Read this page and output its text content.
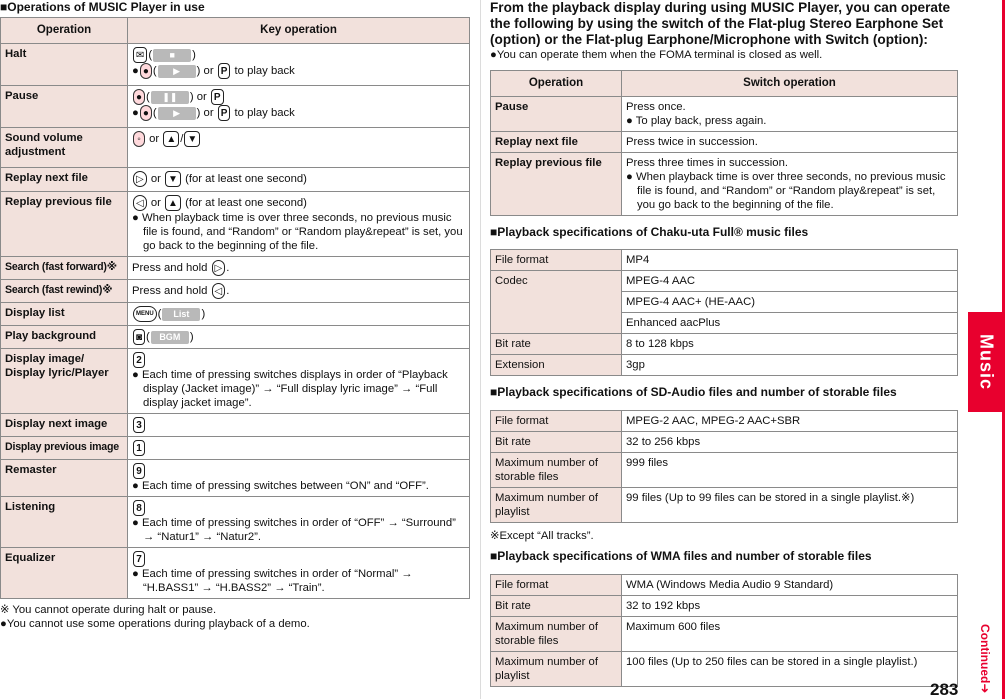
■Operations of MUSIC Player in use

Operation	Key operation
Halt	✉ ( ■ )
● ● ( ▶ ) or P to play back
Pause	● ( ❚❚ ) or P
● ● ( ▶ ) or P to play back
Sound volume adjustment	◦ or ▲ / ▼
Replay next file	▷ or ▼ (for at least one second)
Replay previous file	◁ or ▲ (for at least one second)
● When playback time is over three seconds, no previous music file is found, and “Random” or “Random play&repeat” is set, you go back to the beginning of the file.

Search (fast forward)※	Press and hold ▷ .
Search (fast rewind)※	Press and hold ◁ .
Display list	MENU ( List )
Play background	◙ ( BGM )
Display image/ Display lyric/Player	2
● Each time of pressing switches displays in order of “Playback display (Jacket image)” → “Full display lyric image” → “Full display jacket image”.

Display next image	3
Display previous image	1
Remaster	9
● Each time of pressing switches between “ON” and “OFF”.

Listening	8
● Each time of pressing switches in order of “OFF” → “Surround” → “Natur1” → “Natur2”.

Equalizer	7
● Each time of pressing switches in order of “Normal” → “H.BASS1” → “H.BASS2” → “Train”.

※ You cannot operate during halt or pause.

●You cannot use some operations during playback of a demo.

From the playback display during using MUSIC Player, you can operate the following by using the switch of the Flat-plug Stereo Earphone Set (option) or the Flat-plug Earphone/Microphone with Switch (option):

●You can operate them when the FOMA terminal is closed as well.

Operation	Switch operation
Pause	Press once.
● To play back, press again.

Replay next file	Press twice in succession.
Replay previous file	Press three times in succession.
● When playback time is over three seconds, no previous music file is found, and “Random” or “Random play&repeat” is set, you go back to the beginning of the file.

■Playback specifications of Chaku-uta Full® music files

File format	MP4
Codec	MPEG-4 AAC
	MPEG-4 AAC+ (HE-AAC)
	Enhanced aacPlus
Bit rate	8 to 128 kbps
Extension	3gp

■Playback specifications of SD-Audio files and number of storable files

File format	MPEG-2 AAC, MPEG-2 AAC+SBR
Bit rate	32 to 256 kbps
Maximum number of storable files	999 files
Maximum number of playlist	99 files (Up to 99 files can be stored in a single playlist.※)

※Except “All tracks”.

■Playback specifications of WMA files and number of storable files

File format	WMA (Windows Media Audio 9 Standard)
Bit rate	32 to 192 kbps
Maximum number of storable files	Maximum 600 files
Maximum number of playlist	100 files (Up to 250 files can be stored in a single playlist.)
Music
Continued➜
283
